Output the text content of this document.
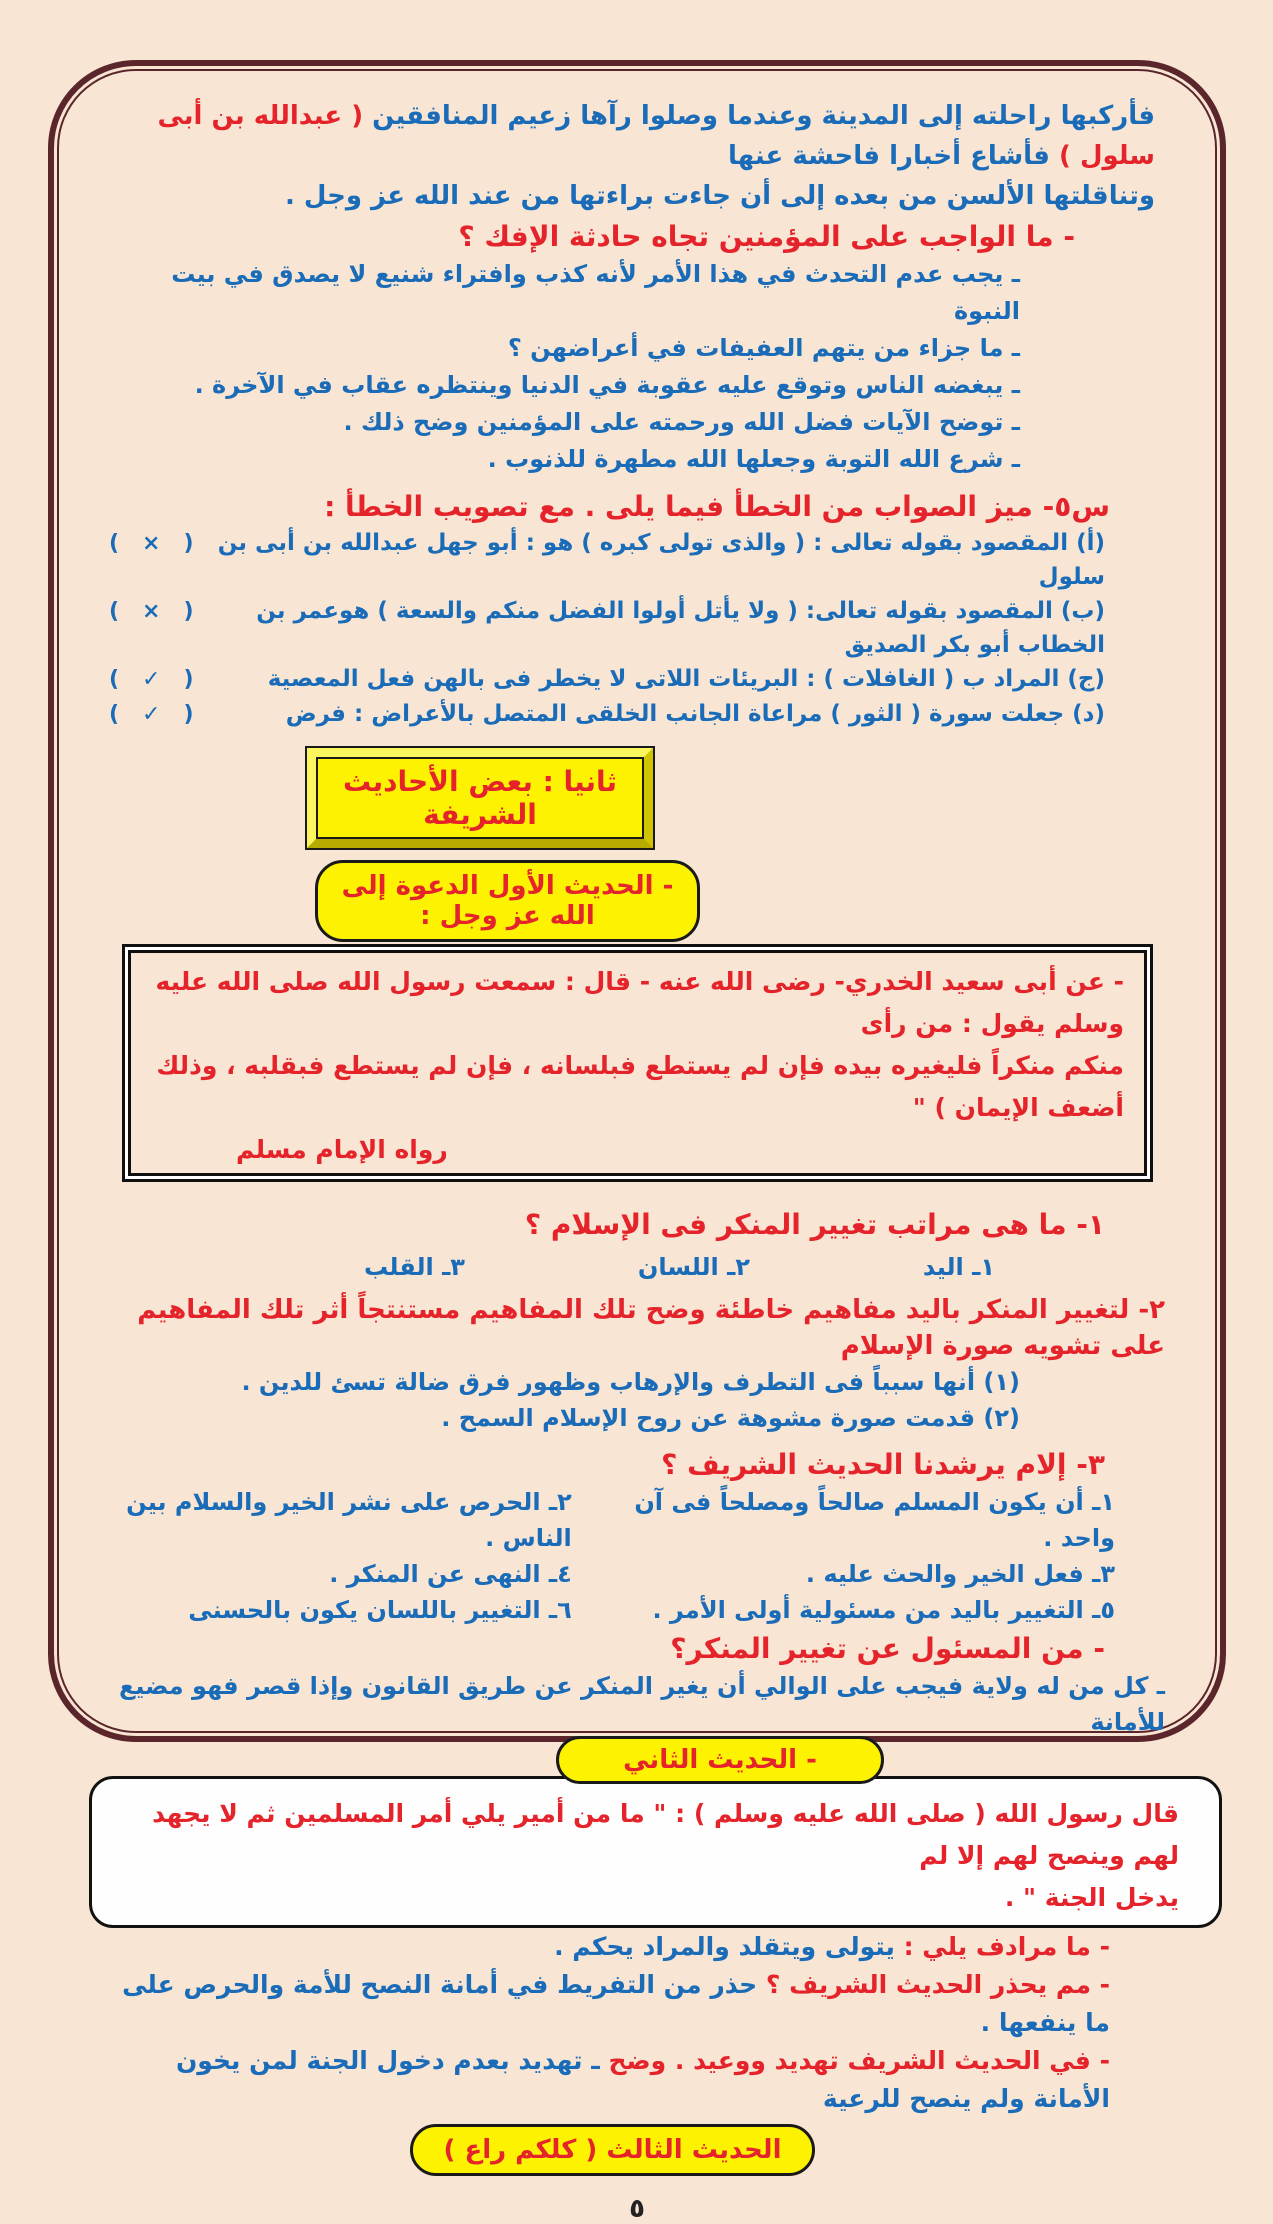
فأركبها راحلته إلى المدينة وعندما وصلوا رآها زعيم المنافقين ( عبدالله بن أبى سلول ) فأشاع أخبارا فاحشة عنها
وتناقلتها الألسن من بعده إلى أن جاءت براءتها من عند الله عز وجل .
- ما الواجب على المؤمنين تجاه حادثة الإفك ؟
ـ يجب عدم التحدث في هذا الأمر لأنه كذب وافتراء شنيع لا يصدق في بيت النبوة
ـ ما جزاء من يتهم العفيفات في أعراضهن ؟
ـ يبغضه الناس وتوقع عليه عقوبة في الدنيا وينتظره عقاب في الآخرة .
ـ توضح الآيات فضل الله ورحمته على المؤمنين وضح ذلك .
ـ شرع الله التوبة وجعلها الله مطهرة للذنوب .
س٥- ميز الصواب من الخطأ فيما يلى . مع تصويب الخطأ :
(أ) المقصود بقوله تعالى : ( والذى تولى كبره ) هو : أبو جهل عبدالله بن أبى بن سلول
(   ×   )
(ب) المقصود بقوله تعالى: ( ولا يأتل أولوا الفضل منكم والسعة ) هوعمر بن الخطاب أبو بكر الصديق
(   ×   )
(ج) المراد ب ( الغافلات ) : البريئات اللاتى لا يخطر فى بالهن فعل المعصية
(   ✓   )
(د) جعلت سورة ( الثور ) مراعاة الجانب الخلقى المتصل بالأعراض : فرض
(   ✓   )
ثانيا : بعض الأحاديث الشريفة
- الحديث الأول الدعوة إلى الله عز وجل :
- عن أبى سعيد الخدري- رضى الله عنه - قال : سمعت رسول الله صلى الله عليه وسلم يقول : من رأى
منكم منكراً فليغيره بيده فإن لم يستطع فبلسانه ، فإن لم يستطع فبقلبه ، وذلك أضعف الإيمان ) "
رواه الإمام مسلم
١- ما هى مراتب تغيير المنكر فى الإسلام ؟
١ـ اليد
٢ـ اللسان
٣ـ القلب
٢- لتغيير المنكر باليد مفاهيم خاطئة وضح تلك المفاهيم مستنتجاً أثر تلك المفاهيم على تشويه صورة الإسلام
(١) أنها سبباً فى التطرف والإرهاب وظهور فرق ضالة تسئ للدين .
(٢) قدمت صورة مشوهة عن روح الإسلام السمح .
٣- إلام يرشدنا الحديث الشريف ؟
١ـ أن يكون المسلم صالحاً ومصلحاً فى آن واحد .
٢ـ الحرص على نشر الخير والسلام بين الناس .
٣ـ فعل الخير والحث عليه .
٤ـ النهى عن المنكر .
٥ـ التغيير باليد من مسئولية أولى الأمر .
٦ـ التغيير باللسان يكون بالحسنى
- من المسئول عن تغيير المنكر؟
ـ كل من له ولاية فيجب على الوالي أن يغير المنكر عن طريق القانون وإذا قصر فهو مضيع للأمانة
- الحديث الثاني
قال رسول الله ( صلى الله عليه وسلم ) : " ما من أمير يلي أمر المسلمين ثم لا يجهد لهم وينصح لهم إلا لم
يدخل الجنة " .
- ما مرادف يلي : يتولى ويتقلد والمراد يحكم .
- مم يحذر الحديث الشريف ؟ حذر من التفريط في أمانة النصح للأمة والحرص على ما ينفعها .
- في الحديث الشريف تهديد ووعيد . وضح ـ تهديد بعدم دخول الجنة لمن يخون الأمانة ولم ينصح للرعية
الحديث الثالث ( كلكم راع )
٥
